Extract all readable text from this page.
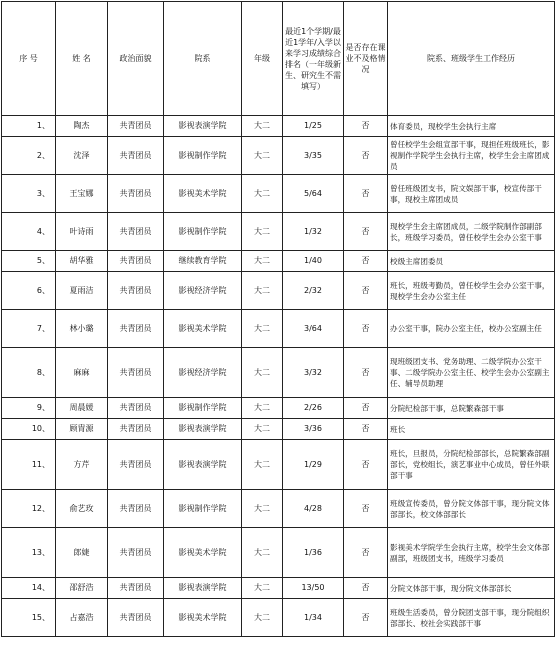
序 号	姓 名	政治面貌	院系	年级	最近1个学期/最近1学年/入学以来学习成绩综合排名（一年级新生、研究生不需填写）	是否存在课业不及格情况	院系、班级学生工作经历
1、	陶杰	共青团员	影视表演学院	大二	1/25	否	体育委员，现校学生会执行主席
2、	沈泽	共青团员	影视制作学院	大二	3/35	否	曾任校学生会组宣部干事，现担任班级班长，影视制作学院学生会执行主席，校学生会主席团成员
3、	王宝娜	共青团员	影视美术学院	大二	5/64	否	曾任班级团支书，院文娱部干事，校宣传部干事，现校主席团成员
4、	叶诗雨	共青团员	影视制作学院	大二	1/32	否	现校学生会主席团成员，二级学院制作部副部长，班级学习委员，曾任校学生会办公室干事
5、	胡华雅	共青团员	继续教育学院	大二	1/40	否	校级主席团委员
6、	夏雨洁	共青团员	影视经济学院	大二	2/32	否	班长，班级考勤员，曾任校学生会办公室干事，现校学生会办公室主任
7、	林小璐	共青团员	影视美术学院	大二	3/64	否	办公室干事，院办公室主任，校办公室副主任
8、	麻麻	共青团员	影视经济学院	大二	3/32	否	现班级团支书、党务助理、二级学院办公室干事、二级学院办公室主任、校学生会办公室副主任、辅导员助理
9、	周晨媛	共青团员	影视制作学院	大二	2/26	否	分院纪检部干事，总院繁森部干事
10、	顾胄源	共青团员	影视表演学院	大二	3/36	否	班长
11、	方芹	共青团员	影视表演学院	大二	1/29	否	班长，旦报员，分院纪检部部长，总院繁森部副部长，党校组长，演艺事业中心成员，曾任外联部干事
12、	俞艺玫	共青团员	影视制作学院	大二	4/28	否	班级宣传委员，曾分院文体部干事，现分院文体部部长，校文体部部长
13、	郎婕	共青团员	影视美术学院	大二	1/36	否	影视美术学院学生会执行主席，校学生会文体部副部，班级团支书，班级学习委员
14、	邵舒浩	共青团员	影视表演学院	大二	13/50	否	分院文体部干事，现分院文体部部长
15、	占嘉浩	共青团员	影视美术学院	大二	1/34	否	班级生活委员，曾分院团支部干事，现分院组织部部长、校社会实践部干事
